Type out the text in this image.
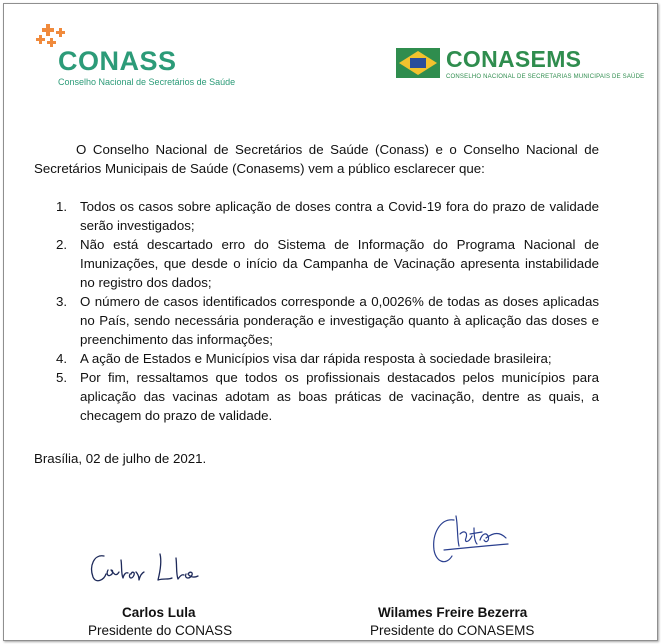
CONASS
Conselho Nacional de Secretários de Saúde
CONASEMS
CONSELHO NACIONAL DE SECRETARIAS MUNICIPAIS DE SAÚDE

O Conselho Nacional de Secretários de Saúde (Conass) e o Conselho Nacional de Secretários Municipais de Saúde (Conasems) vem a público esclarecer que:

1. Todos os casos sobre aplicação de doses contra a Covid-19 fora do prazo de validade serão investigados;
2. Não está descartado erro do Sistema de Informação do Programa Nacional de Imunizações, que desde o início da Campanha de Vacinação apresenta instabilidade no registro dos dados;
3. O número de casos identificados corresponde a 0,0026% de todas as doses aplicadas no País, sendo necessária ponderação e investigação quanto à aplicação das doses e preenchimento das informações;
4. A ação de Estados e Municípios visa dar rápida resposta à sociedade brasileira;
5. Por fim, ressaltamos que todos os profissionais destacados pelos municípios para aplicação das vacinas adotam as boas práticas de vacinação, dentre as quais, a checagem do prazo de validade.
Brasília, 02 de julho de 2021.
Carlos Lula
Presidente do CONASS
Wilames Freire Bezerra
Presidente do CONASEMS
